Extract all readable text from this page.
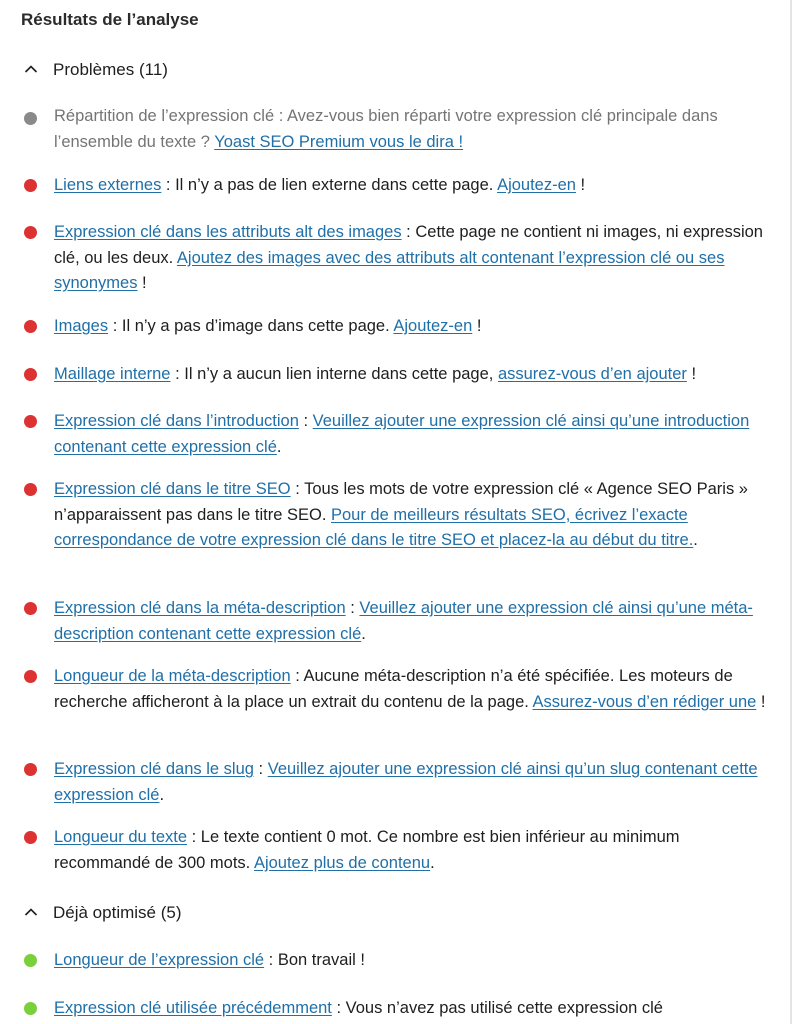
Résultats de l’analyse
Problèmes (11)
Répartition de l’expression clé : Avez-vous bien réparti votre expression clé principale dans l’ensemble du texte ? Yoast SEO Premium vous le dira !
Liens externes : Il n’y a pas de lien externe dans cette page. Ajoutez-en !
Expression clé dans les attributs alt des images : Cette page ne contient ni images, ni expression clé, ou les deux. Ajoutez des images avec des attributs alt contenant l’expression clé ou ses synonymes !
Images : Il n’y a pas d’image dans cette page. Ajoutez-en !
Maillage interne : Il n’y a aucun lien interne dans cette page, assurez-vous d’en ajouter !
Expression clé dans l’introduction : Veuillez ajouter une expression clé ainsi qu’une introduction contenant cette expression clé.
Expression clé dans le titre SEO : Tous les mots de votre expression clé « Agence SEO Paris » n’apparaissent pas dans le titre SEO. Pour de meilleurs résultats SEO, écrivez l’exacte correspondance de votre expression clé dans le titre SEO et placez-la au début du titre..
Expression clé dans la méta-description : Veuillez ajouter une expression clé ainsi qu’une méta-description contenant cette expression clé.
Longueur de la méta-description : Aucune méta-description n’a été spécifiée. Les moteurs de recherche afficheront à la place un extrait du contenu de la page. Assurez-vous d’en rédiger une !
Expression clé dans le slug : Veuillez ajouter une expression clé ainsi qu’un slug contenant cette expression clé.
Longueur du texte : Le texte contient 0 mot. Ce nombre est bien inférieur au minimum recommandé de 300 mots. Ajoutez plus de contenu.
Déjà optimisé (5)
Longueur de l’expression clé : Bon travail !
Expression clé utilisée précédemment : Vous n’avez pas utilisé cette expression clé
